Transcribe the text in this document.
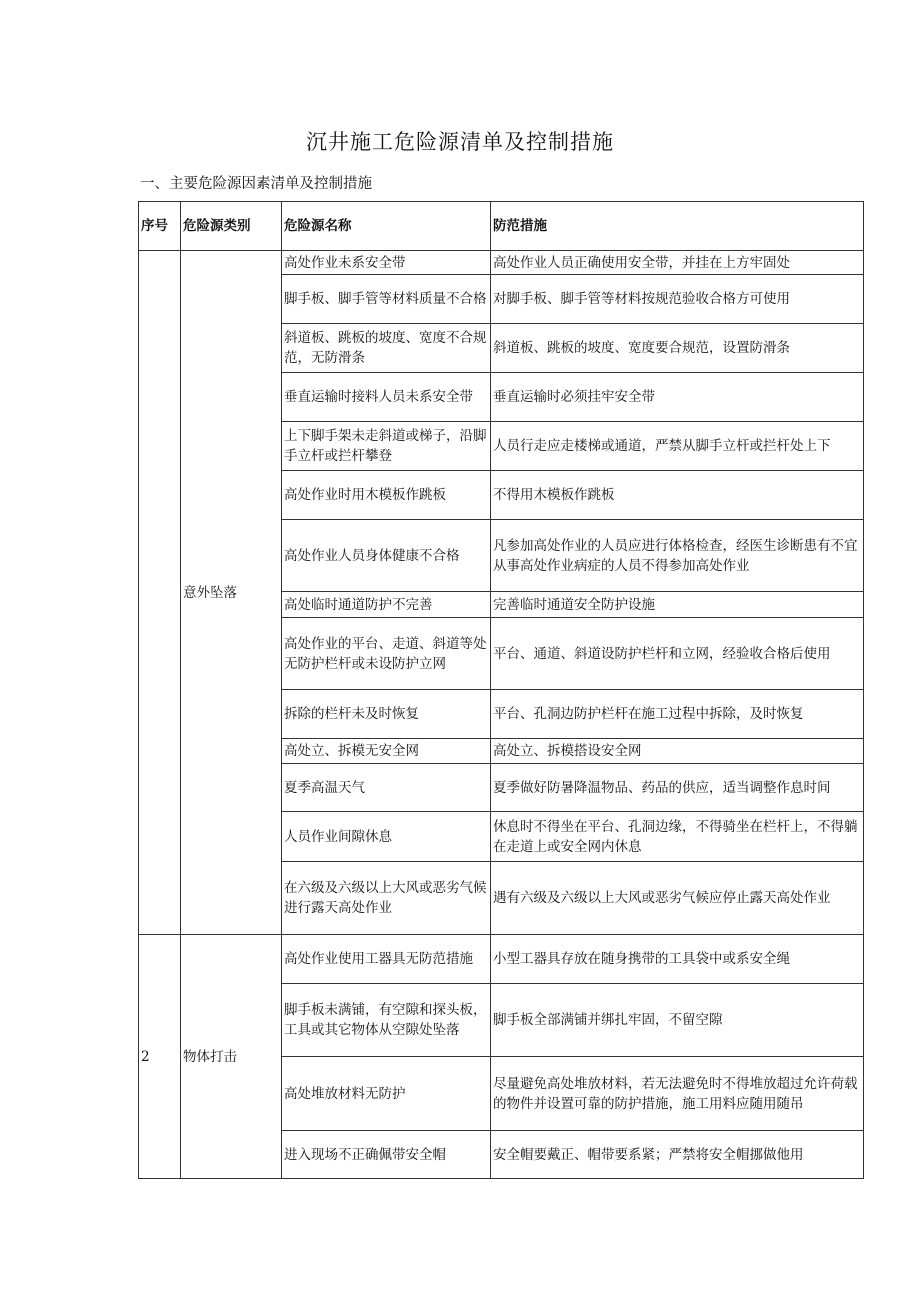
沉井施工危险源清单及控制措施
一、主要危险源因素清单及控制措施
序号	危险源类别	危险源名称	防范措施
	意外坠落	高处作业未系安全带	高处作业人员正确使用安全带，并挂在上方牢固处
		脚手板、脚手管等材料质量不合格	对脚手板、脚手管等材料按规范验收合格方可使用
		斜道板、跳板的坡度、宽度不合规范，无防滑条	斜道板、跳板的坡度、宽度要合规范，设置防滑条
		垂直运输时接料人员未系安全带	垂直运输时必须挂牢安全带
		上下脚手架未走斜道或梯子，沿脚手立杆或拦杆攀登	人员行走应走楼梯或通道，严禁从脚手立杆或拦杆处上下
		高处作业时用木模板作跳板	不得用木模板作跳板
		高处作业人员身体健康不合格	凡参加高处作业的人员应进行体格检查，经医生诊断患有不宜从事高处作业病症的人员不得参加高处作业
		高处临时通道防护不完善	完善临时通道安全防护设施
		高处作业的平台、走道、斜道等处无防护栏杆或未设防护立网	平台、通道、斜道设防护栏杆和立网，经验收合格后使用
		拆除的栏杆未及时恢复	平台、孔洞边防护栏杆在施工过程中拆除，及时恢复
		高处立、拆模无安全网	高处立、拆模搭设安全网
		夏季高温天气	夏季做好防暑降温物品、药品的供应，适当调整作息时间
		人员作业间隙休息	休息时不得坐在平台、孔洞边缘，不得骑坐在栏杆上，不得躺在走道上或安全网内休息
		在六级及六级以上大风或恶劣气候进行露天高处作业	遇有六级及六级以上大风或恶劣气候应停止露天高处作业
2	物体打击	高处作业使用工器具无防范措施	小型工器具存放在随身携带的工具袋中或系安全绳
		脚手板未满铺，有空隙和探头板，工具或其它物体从空隙处坠落	脚手板全部满铺并绑扎牢固，不留空隙
		高处堆放材料无防护	尽量避免高处堆放材料，若无法避免时不得堆放超过允许荷载的物件并设置可靠的防护措施，施工用料应随用随吊
		进入现场不正确佩带安全帽	安全帽要戴正、帽带要系紧；严禁将安全帽挪做他用
